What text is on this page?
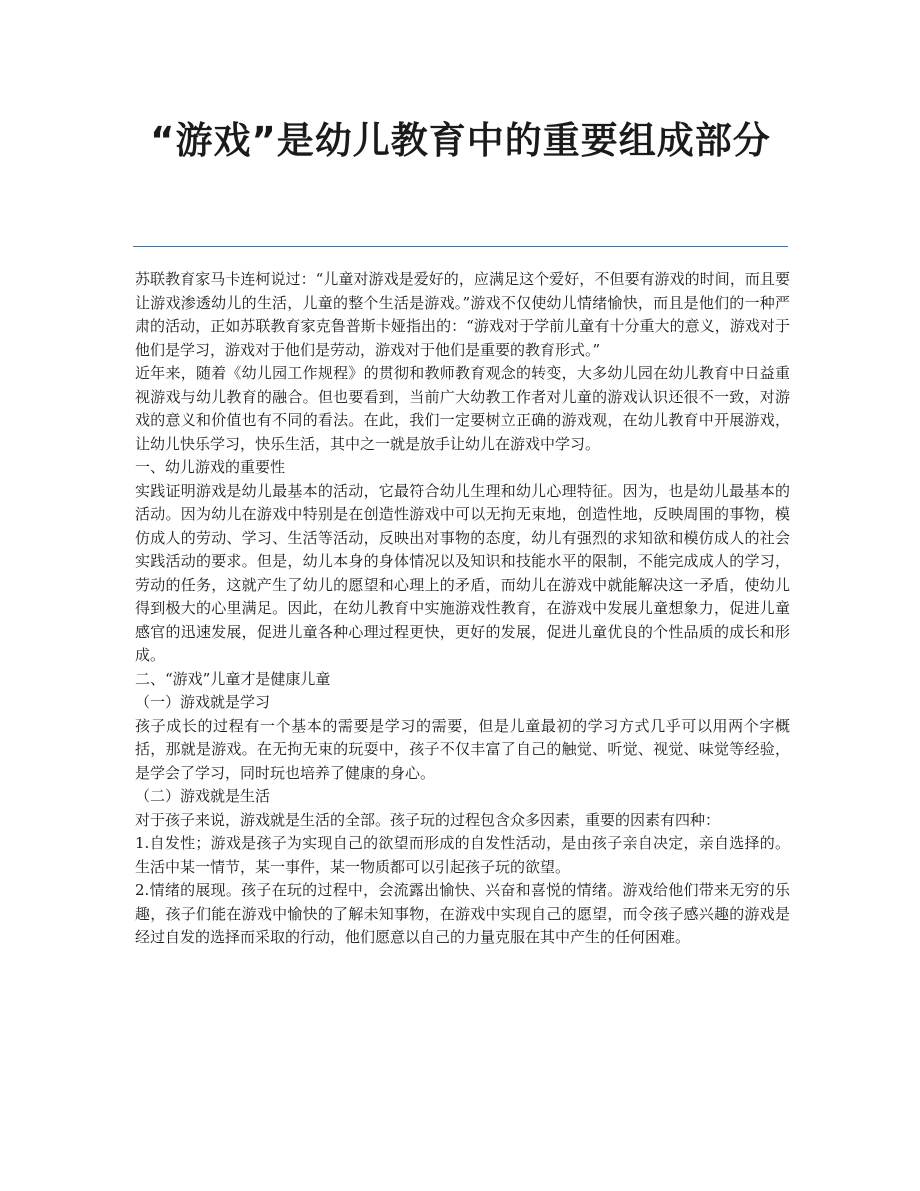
“游戏”是幼儿教育中的重要组成部分

苏联教育家马卡连柯说过：“儿童对游戏是爱好的，应满足这个爱好，不但要有游戏的时间，而且要让游戏渗透幼儿的生活，儿童的整个生活是游戏。”游戏不仅使幼儿情绪愉快，而且是他们的一种严肃的活动，正如苏联教育家克鲁普斯卡娅指出的：“游戏对于学前儿童有十分重大的意义，游戏对于他们是学习，游戏对于他们是劳动，游戏对于他们是重要的教育形式。”

近年来，随着《幼儿园工作规程》的贯彻和教师教育观念的转变，大多幼儿园在幼儿教育中日益重视游戏与幼儿教育的融合。但也要看到，当前广大幼教工作者对儿童的游戏认识还很不一致，对游戏的意义和价值也有不同的看法。在此，我们一定要树立正确的游戏观，在幼儿教育中开展游戏，让幼儿快乐学习，快乐生活，其中之一就是放手让幼儿在游戏中学习。

一、幼儿游戏的重要性

实践证明游戏是幼儿最基本的活动，它最符合幼儿生理和幼儿心理特征。因为，也是幼儿最基本的活动。因为幼儿在游戏中特别是在创造性游戏中可以无拘无束地，创造性地，反映周围的事物，模仿成人的劳动、学习、生活等活动，反映出对事物的态度，幼儿有强烈的求知欲和模仿成人的社会实践活动的要求。但是，幼儿本身的身体情况以及知识和技能水平的限制，不能完成成人的学习，劳动的任务，这就产生了幼儿的愿望和心理上的矛盾，而幼儿在游戏中就能解决这一矛盾，使幼儿得到极大的心里满足。因此，在幼儿教育中实施游戏性教育，在游戏中发展儿童想象力，促进儿童感官的迅速发展，促进儿童各种心理过程更快，更好的发展，促进儿童优良的个性品质的成长和形成。

二、“游戏”儿童才是健康儿童

（一）游戏就是学习

孩子成长的过程有一个基本的需要是学习的需要，但是儿童最初的学习方式几乎可以用两个字概括，那就是游戏。在无拘无束的玩耍中，孩子不仅丰富了自己的触觉、听觉、视觉、味觉等经验，是学会了学习，同时玩也培养了健康的身心。

（二）游戏就是生活

对于孩子来说，游戏就是生活的全部。孩子玩的过程包含众多因素，重要的因素有四种：

1.自发性；游戏是孩子为实现自己的欲望而形成的自发性活动，是由孩子亲自决定，亲自选择的。生活中某一情节，某一事件，某一物质都可以引起孩子玩的欲望。

2.情绪的展现。孩子在玩的过程中，会流露出愉快、兴奋和喜悦的情绪。游戏给他们带来无穷的乐趣，孩子们能在游戏中愉快的了解未知事物，在游戏中实现自己的愿望，而令孩子感兴趣的游戏是经过自发的选择而采取的行动，他们愿意以自己的力量克服在其中产生的任何困难。
